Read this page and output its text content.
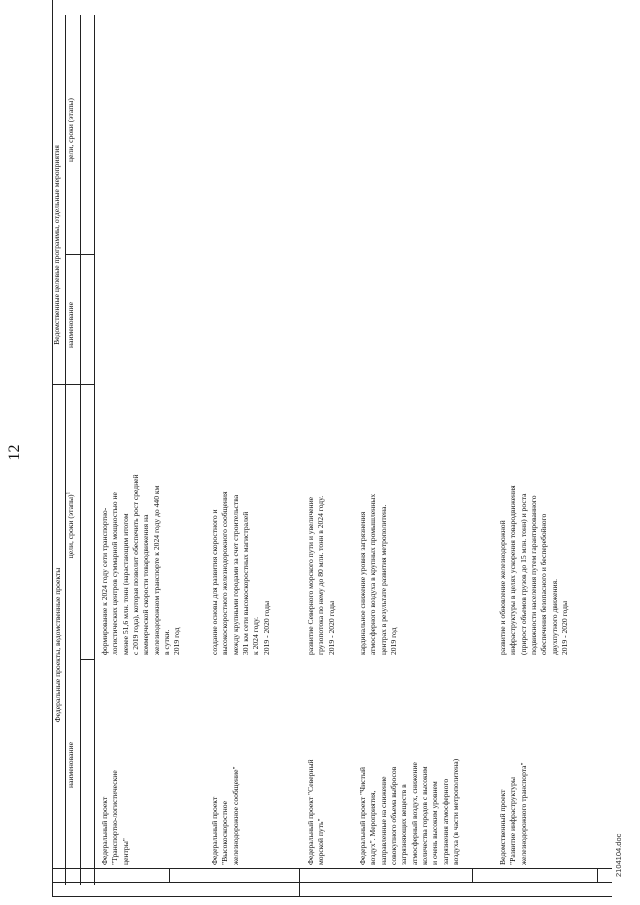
12
Федеральные проекты, ведомственные проекты
Ведомственные целевые программы, отдельные мероприятия
наименование
цели, сроки (этапы)$^1$
наименование
цели, сроки (этапы)
Федеральный проект
"Транспортно-логистические
центры"
формирование к 2024 году сети транспортно-
логистических центров суммарной мощностью не
менее 51,6 млн. тонн (нарастающим итогом
с 2019 года), которая позволит обеспечить рост средней
коммерческой скорости товародвижения на
железнодорожном транспорте к 2024 году до 440 км
в сутки.
2019 год
Федеральный проект
"Высокоскоростное
железнодорожное сообщение"
создание основы для развития скоростного и
высокоскоростного железнодорожного сообщения
между крупными городами за счет строительства
301 км сети высокоскоростных магистралей
к 2024 году.
2019 - 2020 годы
Федеральный проект "Северный
морской путь"
развитие Северного морского пути и увеличение
грузопотока по нему до 80 млн. тонн в 2024 году.
2019 - 2020 годы
Федеральный проект "Чистый
воздух". Мероприятия,
направленные на снижение
совокупного объема выбросов
загрязняющих веществ в
атмосферный воздух, снижение
количества городов с высоким
и очень высоким уровнем
загрязнения атмосферного
воздуха (в части метрополитена)
кардинальное снижение уровня загрязнения
атмосферного воздуха в крупных промышленных
центрах в результате развития метрополитена.
2019 год
Ведомственный проект
"Развитие инфраструктуры
железнодорожного транспорта"
развитие и обновление железнодорожной
инфраструктуры в целях ускорения товародвижения
(прирост объемов грузов до 15 млн. тонн) и роста
подвижности населения путем гарантированного
обеспечения безопасного и бесперебойного
двухпутного движения.
2019 - 2020 годы
2104104.doc
